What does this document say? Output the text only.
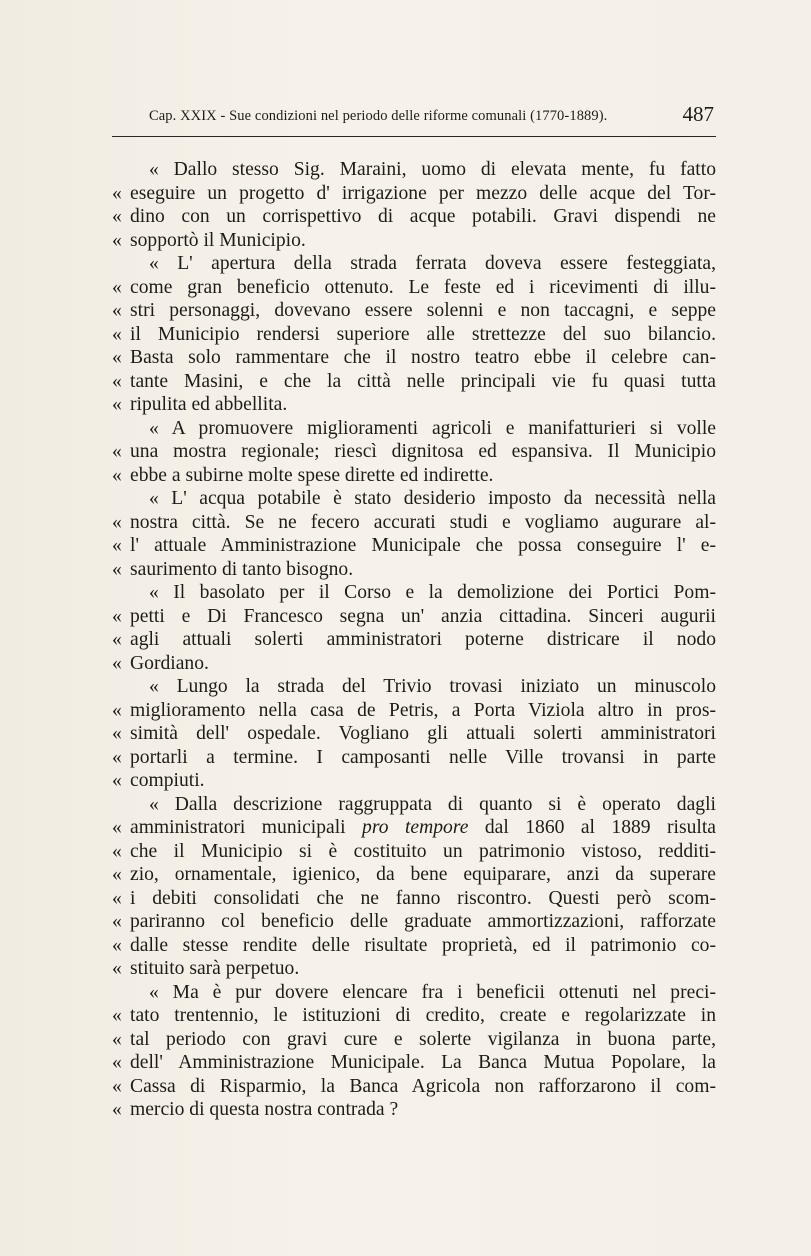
Cap. XXIX - Sue condizioni nel periodo delle riforme comunali (1770-1889).	487
« Dallo stesso Sig. Maraini, uomo di elevata mente, fu fatto
« eseguire un progetto d' irrigazione per mezzo delle acque del Tor-
« dino con un corrispettivo di acque potabili. Gravi dispendi ne
« sopportò il Municipio.
« L' apertura della strada ferrata doveva essere festeggiata,
« come gran beneficio ottenuto. Le feste ed i ricevimenti di illu-
« stri personaggi, dovevano essere solenni e non taccagni, e seppe
« il Municipio rendersi superiore alle strettezze del suo bilancio.
« Basta solo rammentare che il nostro teatro ebbe il celebre can-
« tante Masini, e che la città nelle principali vie fu quasi tutta
« ripulita ed abbellita.
« A promuovere miglioramenti agricoli e manifatturieri si volle
« una mostra regionale; riescì dignitosa ed espansiva. Il Municipio
« ebbe a subirne molte spese dirette ed indirette.
« L' acqua potabile è stato desiderio imposto da necessità nella
« nostra città. Se ne fecero accurati studi e vogliamo augurare al-
« l' attuale Amministrazione Municipale che possa conseguire l' e-
« saurimento di tanto bisogno.
« Il basolato per il Corso e la demolizione dei Portici Pom-
« petti e Di Francesco segna un' anzia cittadina. Sinceri augurii
« agli attuali solerti amministratori poterne districare il nodo
« Gordiano.
« Lungo la strada del Trivio trovasi iniziato un minuscolo
« miglioramento nella casa de Petris, a Porta Viziola altro in pros-
« simità dell' ospedale. Vogliano gli attuali solerti amministratori
« portarli a termine. I camposanti nelle Ville trovansi in parte
« compiuti.
« Dalla descrizione raggruppata di quanto si è operato dagli
« amministratori municipali pro tempore dal 1860 al 1889 risulta
« che il Municipio si è costituito un patrimonio vistoso, redditi-
« zio, ornamentale, igienico, da bene equiparare, anzi da superare
« i debiti consolidati che ne fanno riscontro. Questi però scom-
« pariranno col beneficio delle graduate ammortizzazioni, rafforzate
« dalle stesse rendite delle risultate proprietà, ed il patrimonio co-
« stituito sarà perpetuo.
« Ma è pur dovere elencare fra i beneficii ottenuti nel preci-
« tato trentennio, le istituzioni di credito, create e regolarizzate in
« tal periodo con gravi cure e solerte vigilanza in buona parte,
« dell' Amministrazione Municipale. La Banca Mutua Popolare, la
« Cassa di Risparmio, la Banca Agricola non rafforzarono il com-
« mercio di questa nostra contrada ?
